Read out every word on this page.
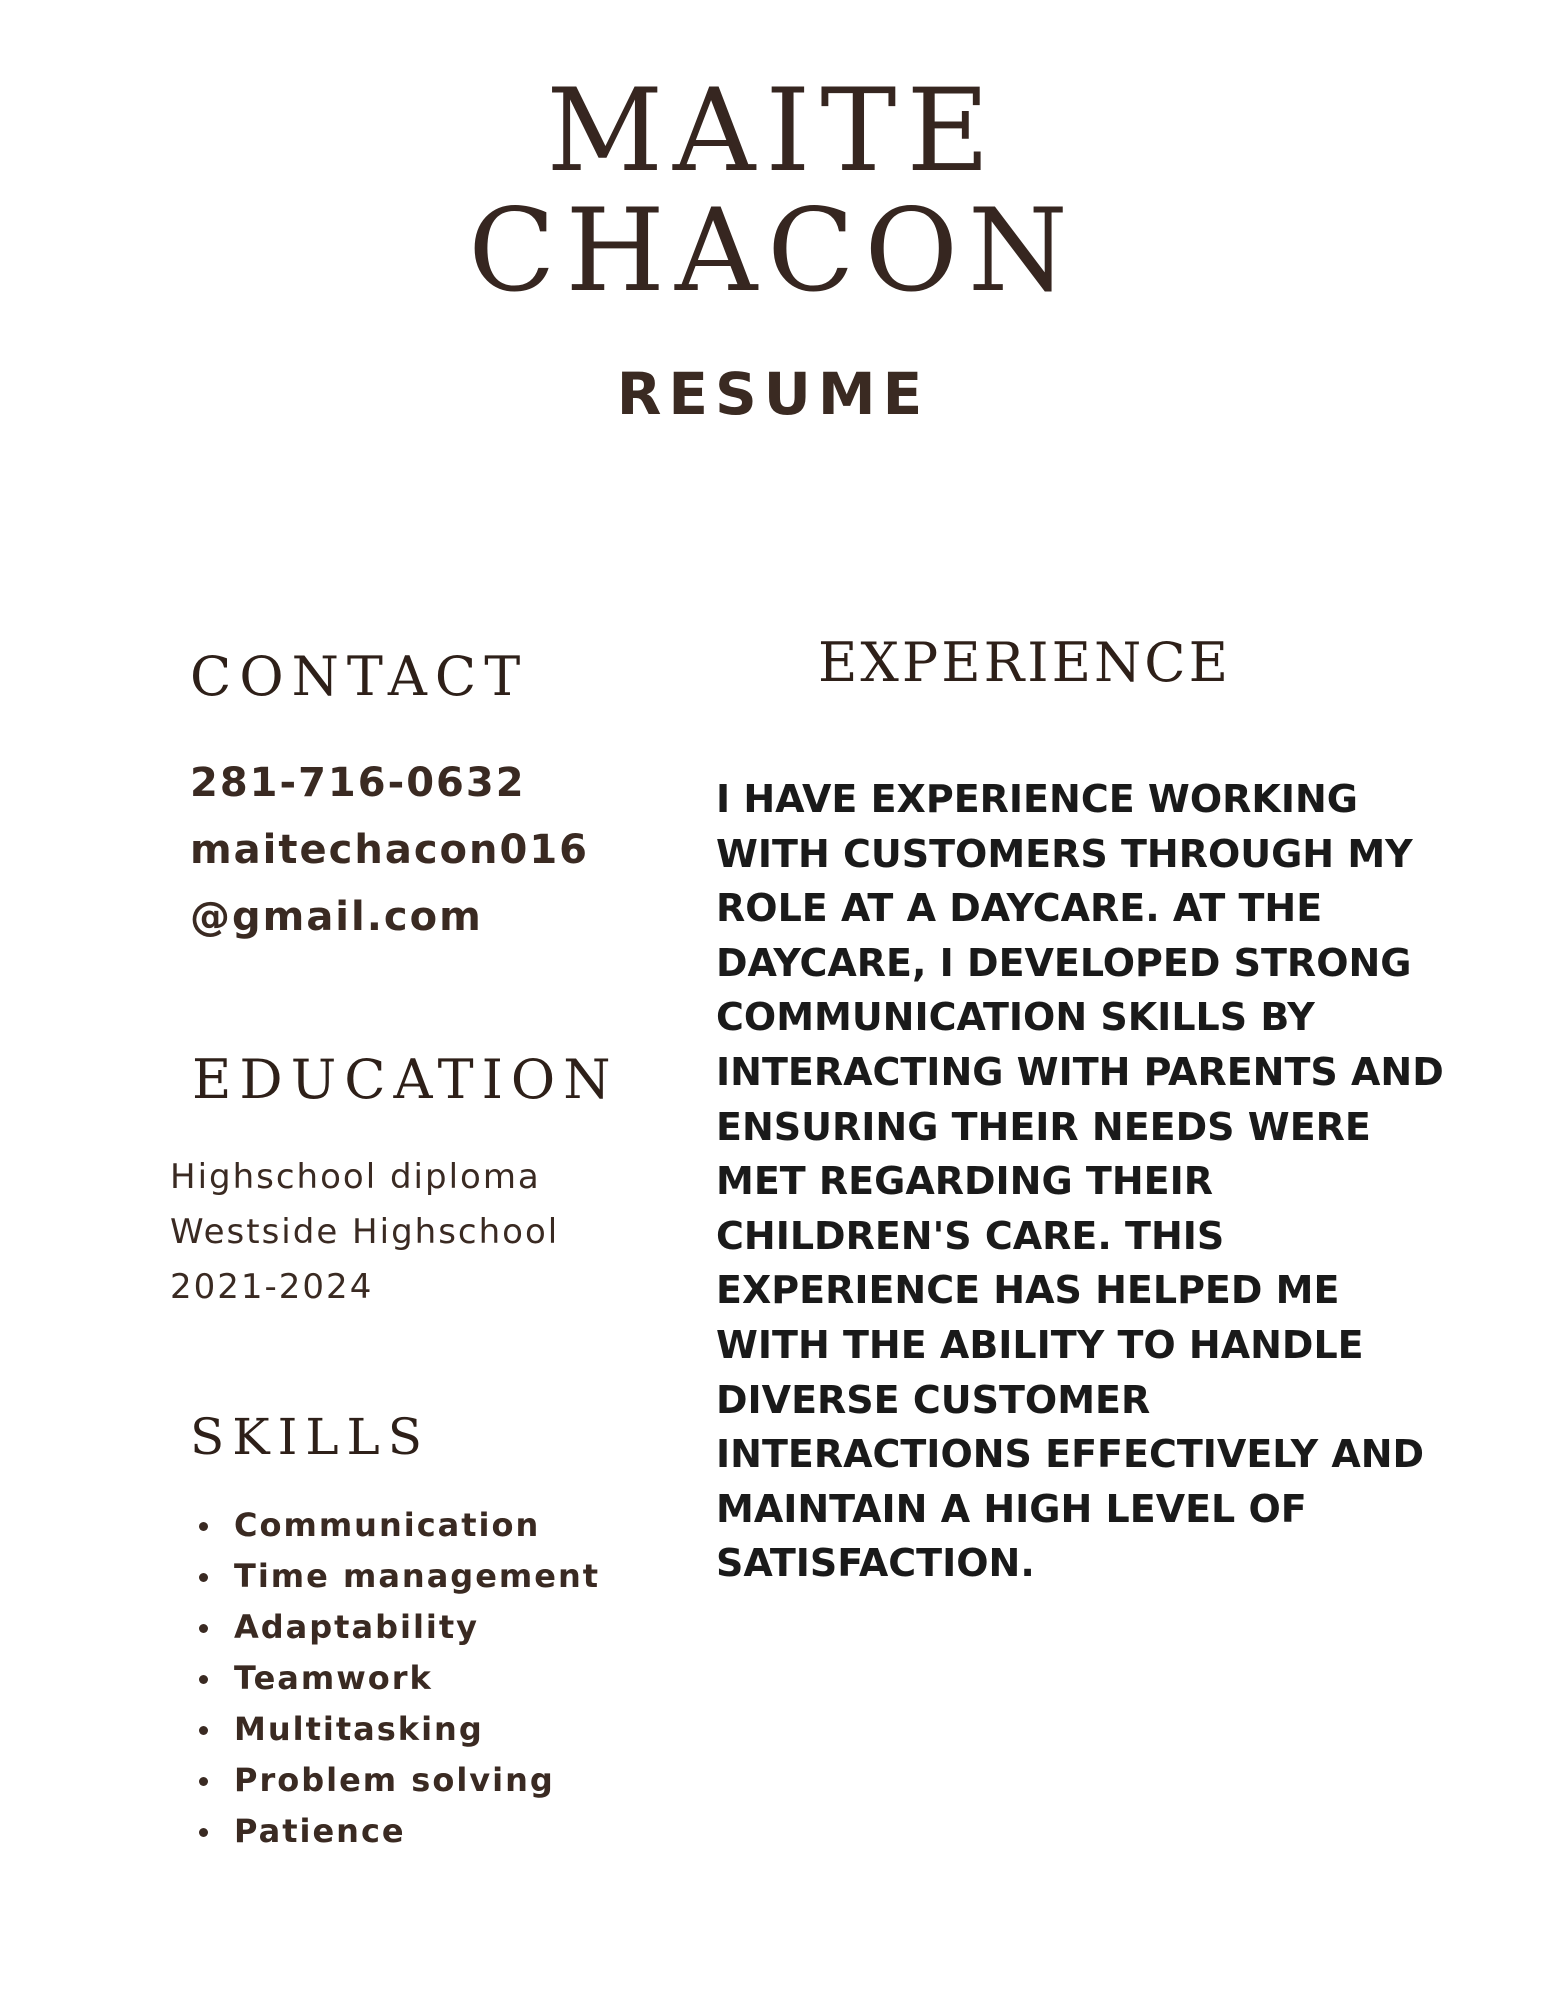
MAITE
CHACON
RESUME
CONTACT
281-716-0632
maitechacon016
@gmail.com
EDUCATION
Highschool diploma
Westside Highschool
2021-2024
SKILLS
Communication
Time management
Adaptability
Teamwork
Multitasking
Problem solving
Patience
EXPERIENCE

I HAVE EXPERIENCE WORKING WITH CUSTOMERS THROUGH MY ROLE AT A DAYCARE. AT THE DAYCARE, I DEVELOPED STRONG COMMUNICATION SKILLS BY INTERACTING WITH PARENTS AND ENSURING THEIR NEEDS WERE MET REGARDING THEIR CHILDREN'S CARE. THIS EXPERIENCE HAS HELPED ME WITH THE ABILITY TO HANDLE DIVERSE CUSTOMER INTERACTIONS EFFECTIVELY AND MAINTAIN A HIGH LEVEL OF SATISFACTION.
